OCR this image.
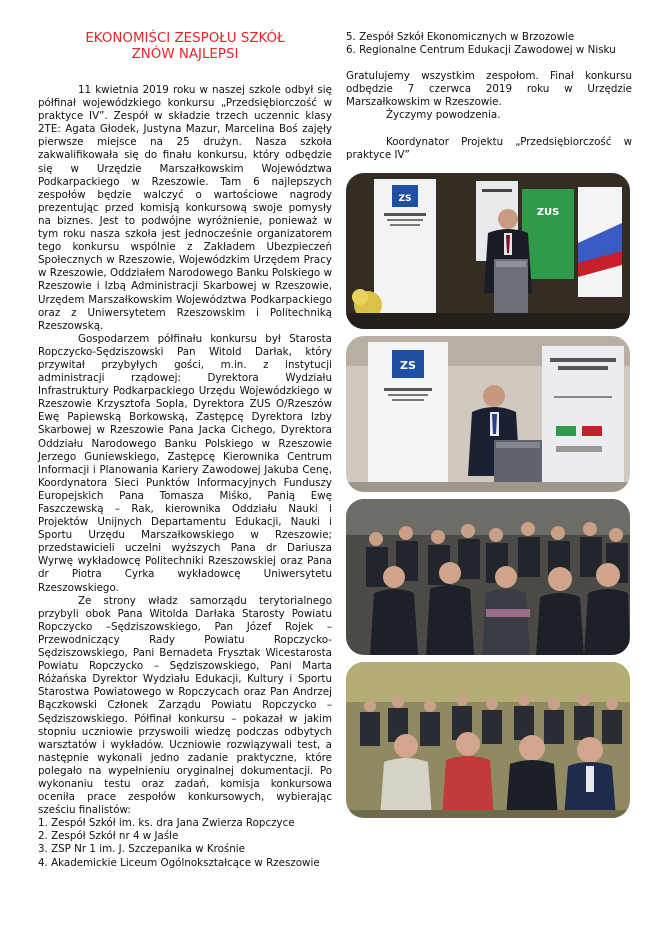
EKONOMIŚCI ZESPOŁU SZKÓŁ
ZNÓW NAJLEPSI

11 kwietnia 2019 roku w naszej szkole odbył się półfinał wojewódzkiego konkursu „Przedsiębiorczość w praktyce IV”. Zespół w składzie trzech uczennic klasy 2TE: Agata Głodek, Justyna Mazur, Marcelina Boś zajęły pierwsze miejsce na 25 drużyn. Nasza szkoła zakwalifikowała się do finału konkursu, który odbędzie się w Urzędzie Marszałkowskim Województwa Podkarpackiego w Rzeszowie. Tam 6 najlepszych zespołów będzie walczyć o wartościowe nagrody prezentując przed komisją konkursową swoje pomysły na biznes. Jest to podwójne wyróżnienie, ponieważ w tym roku nasza szkoła jest jednocześnie organizatorem tego konkursu wspólnie z Zakładem Ubezpieczeń Społecznych w Rzeszowie, Wojewódzkim Urzędem Pracy w Rzeszowie, Oddziałem Narodowego Banku Polskiego w Rzeszowie i Izbą Administracji Skarbowej w Rzeszowie, Urzędem Marszałkowskim Województwa Podkarpackiego oraz z Uniwersytetem Rzeszowskim i Politechniką Rzeszowską.

Gospodarzem półfinału konkursu był Starosta Ropczycko-Sędziszowski Pan Witold Darłak, który przywitał przybyłych gości, m.in. z instytucji administracji rządowej: Dyrektora Wydziału Infrastruktury Podkarpackiego Urzędu Wojewódzkiego w Rzeszowie Krzysztofa Sopla, Dyrektora ZUS O/Rzeszów Ewę Papiewską Borkowską, Zastępcę Dyrektora Izby Skarbowej w Rzeszowie Pana Jacka Cichego, Dyrektora Oddziału Narodowego Banku Polskiego w Rzeszowie Jerzego Guniewskiego, Zastępcę Kierownika Centrum Informacji i Planowania Kariery Zawodowej Jakuba Cenę, Koordynatora Sieci Punktów Informacyjnych Funduszy Europejskich Pana Tomasza Miśko, Panią Ewę Faszczewską – Rak, kierownika Oddziału Nauki i Projektów Unijnych Departamentu Edukacji, Nauki i Sportu Urzędu Marszałkowskiego w Rzeszowie; przedstawicieli uczelni wyższych Pana dr Dariusza Wyrwę wykładowcę Politechniki Rzeszowskiej oraz Pana dr Piotra Cyrka wykładowcę Uniwersytetu Rzeszowskiego.

Ze strony władz samorządu terytorialnego przybyli obok Pana Witolda Darłaka Starosty Powiatu Ropczycko –Sędziszowskiego, Pan Józef Rojek – Przewodniczący Rady Powiatu Ropczycko-Sędziszowskiego, Pani Bernadeta Frysztak Wicestarosta Powiatu Ropczycko – Sędziszowskiego, Pani Marta Różańska Dyrektor Wydziału Edukacji, Kultury i Sportu Starostwa Powiatowego w Ropczycach oraz Pan Andrzej Bączkowski Członek Zarządu Powiatu Ropczycko – Sędziszowskiego. Półfinał konkursu – pokazał w jakim stopniu uczniowie przyswoili wiedzę podczas odbytych warsztatów i wykładów. Uczniowie rozwiązywali test, a następnie wykonali jedno zadanie praktyczne, które polegało na wypełnieniu oryginalnej dokumentacji. Po wykonaniu testu oraz zadań, komisja konkursowa oceniła prace zespołów konkursowych, wybierając sześciu finalistów:

1. Zespół Szkół im. ks. dra Jana Zwierza Ropczyce
2. Zespół Szkół nr 4 w Jaśle
3. ZSP Nr 1 im. J. Szczepanika w Krośnie
4. Akademickie Liceum Ogólnokształcące w Rzeszowie
5. Zespół Szkół Ekonomicznych w Brzozowie
6. Regionalne Centrum Edukacji Zawodowej w Nisku

Gratulujemy wszystkim zespołom. Finał konkursu odbędzie 7 czerwca 2019 roku w Urzędzie Marszałkowskim w Rzeszowie.

Życzymy powodzenia.

Koordynator Projektu „Przedsiębiorczość w praktyce IV”

ZS
ZUS
ZS
